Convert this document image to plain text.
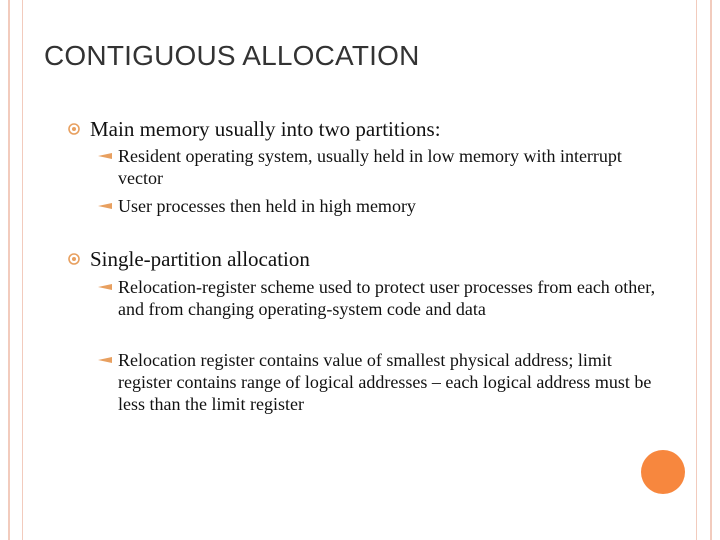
CONTIGUOUS ALLOCATION
Main memory usually into two partitions:
Resident operating system, usually held in low memory with interrupt vector
User processes then held in high memory
Single-partition allocation
Relocation-register scheme used to protect user processes from each other, and from changing operating-system code and data
Relocation register contains value of smallest physical address; limit register contains range of logical addresses – each logical address must be less than the limit register
